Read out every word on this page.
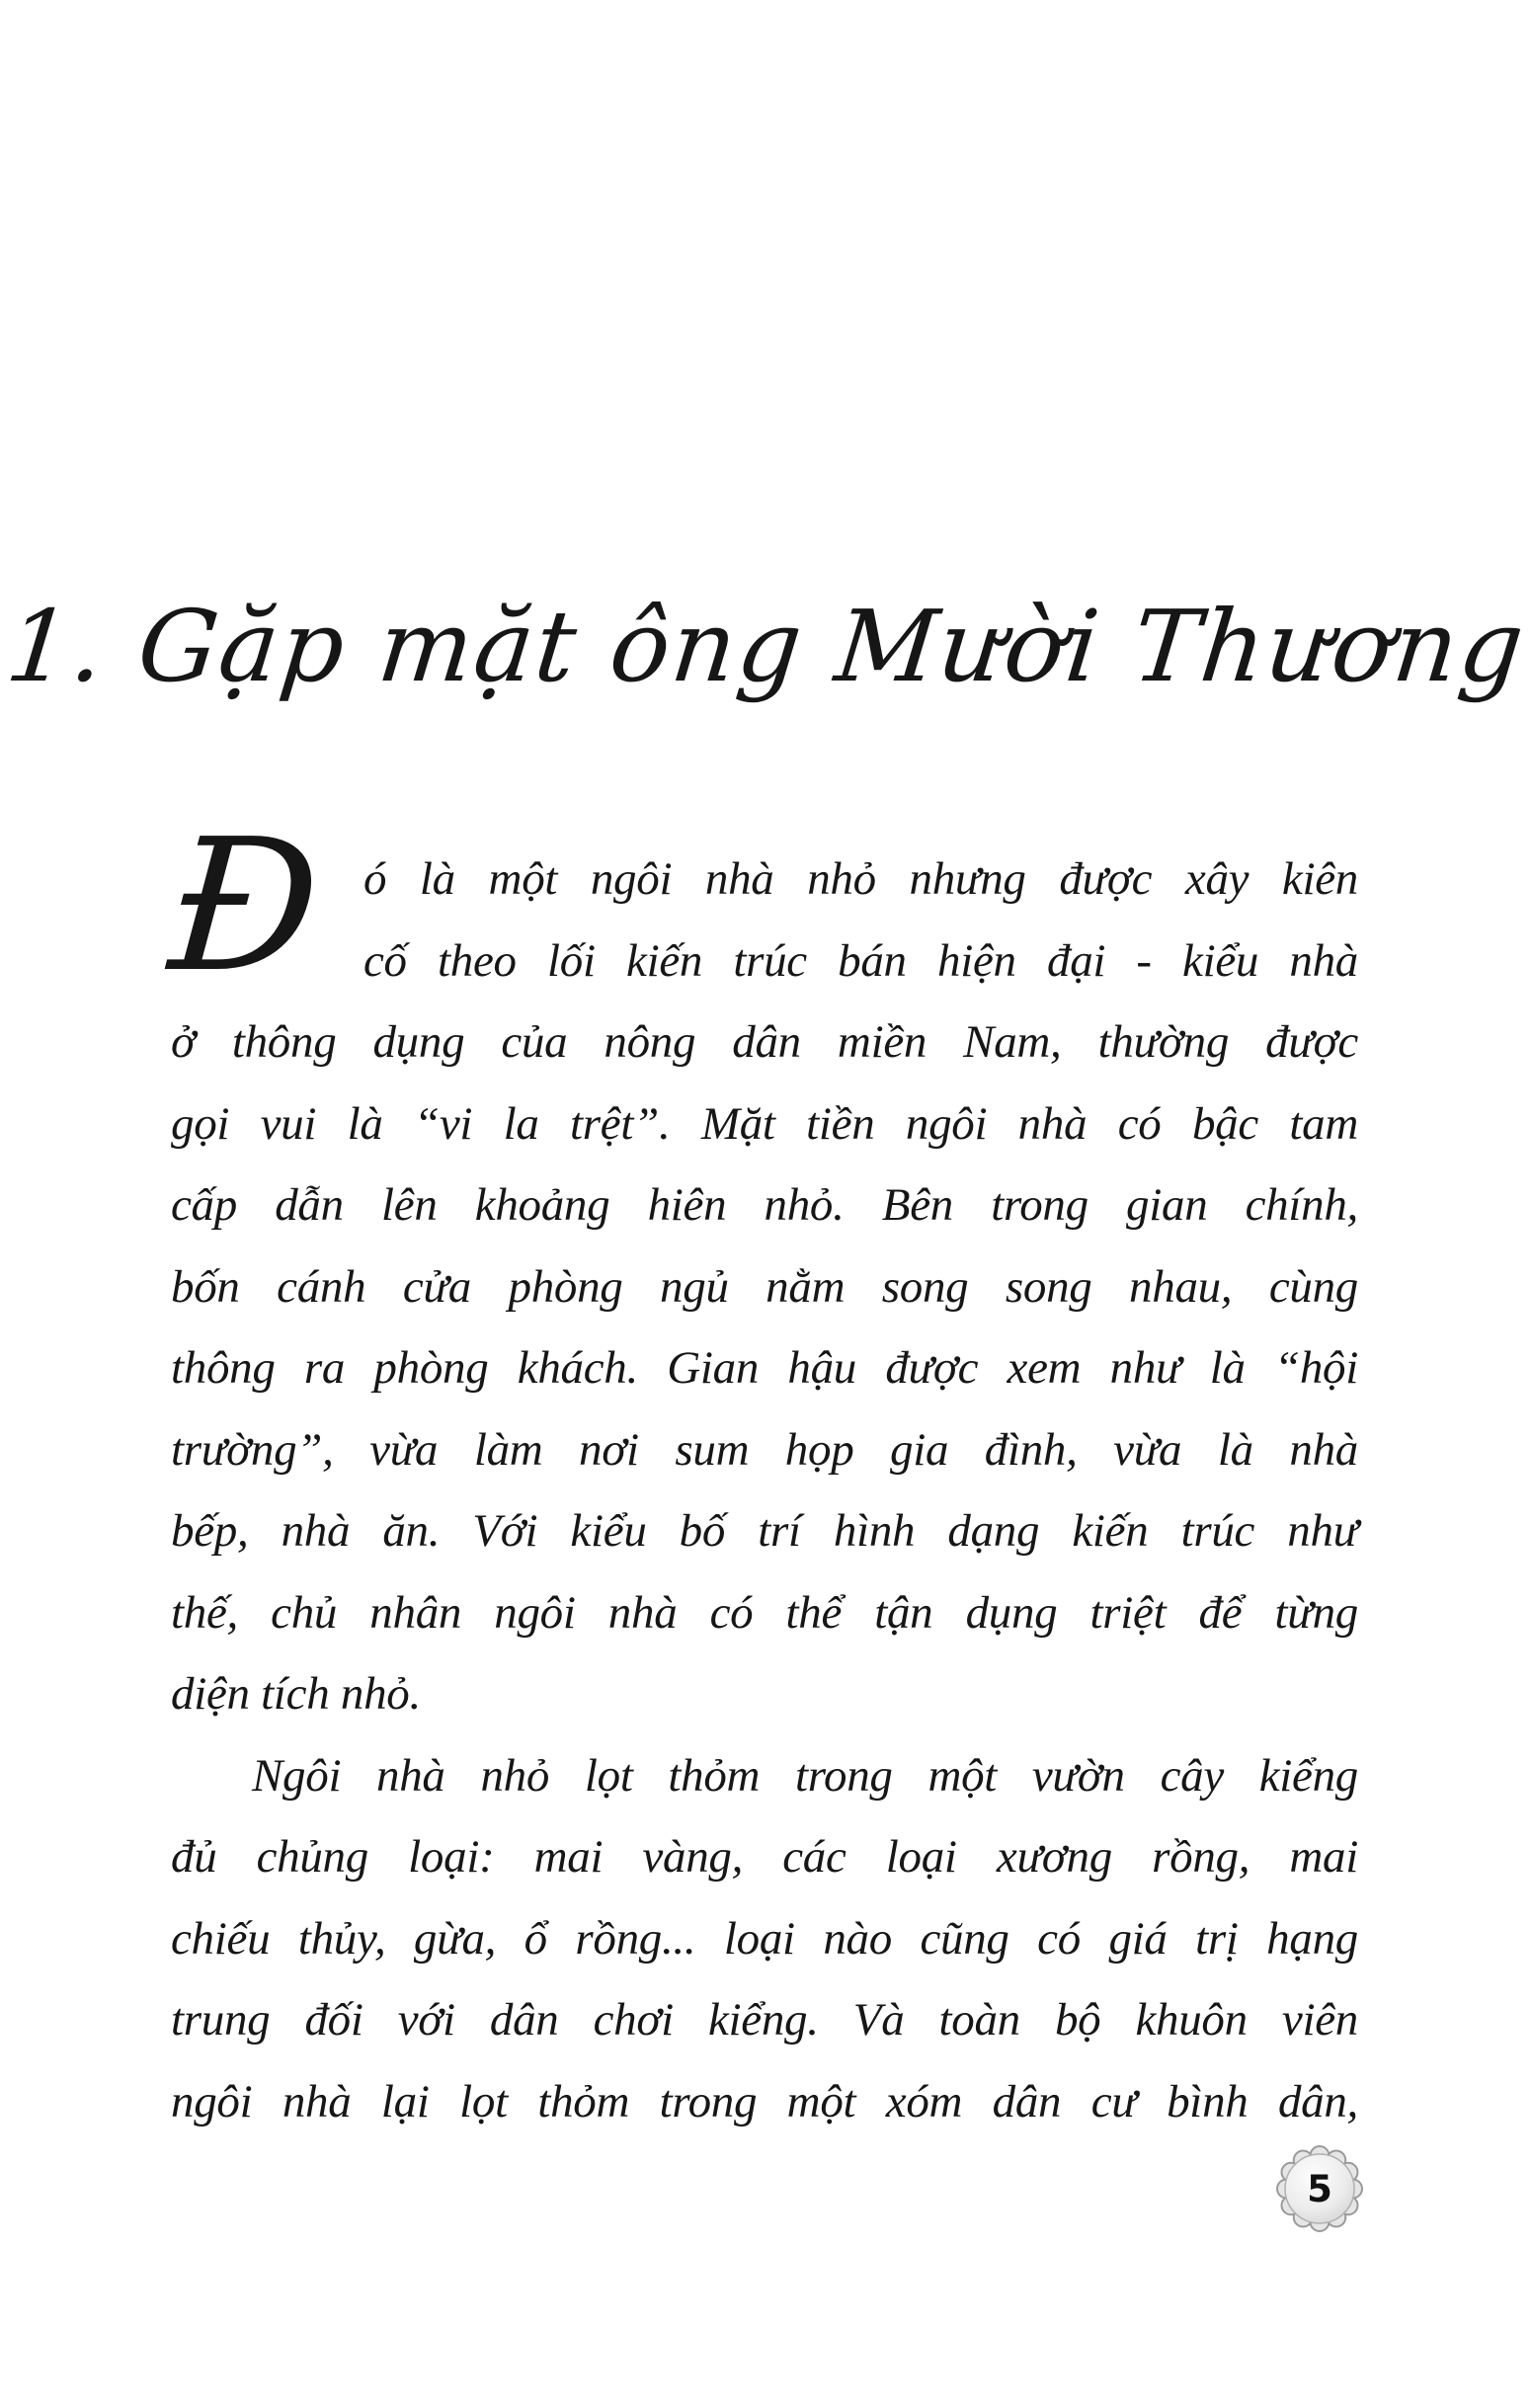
1. Gặp mặt ông Mười Thương
Đ ó là một ngôi nhà nhỏ nhưng được xây kiên
cố theo lối kiến trúc bán hiện đại - kiểu nhà
ở thông dụng của nông dân miền Nam, thường được
gọi vui là “vi la trệt”. Mặt tiền ngôi nhà có bậc tam
cấp dẫn lên khoảng hiên nhỏ. Bên trong gian chính,
bốn cánh cửa phòng ngủ nằm song song nhau, cùng
thông ra phòng khách. Gian hậu được xem như là “hội
trường”, vừa làm nơi sum họp gia đình, vừa là nhà
bếp, nhà ăn. Với kiểu bố trí hình dạng kiến trúc như
thế, chủ nhân ngôi nhà có thể tận dụng triệt để từng
diện tích nhỏ.
Ngôi nhà nhỏ lọt thỏm trong một vườn cây kiểng
đủ chủng loại: mai vàng, các loại xương rồng, mai
chiếu thủy, gừa, ổ rồng... loại nào cũng có giá trị hạng
trung đối với dân chơi kiểng. Và toàn bộ khuôn viên
ngôi nhà lại lọt thỏm trong một xóm dân cư bình dân,
5
